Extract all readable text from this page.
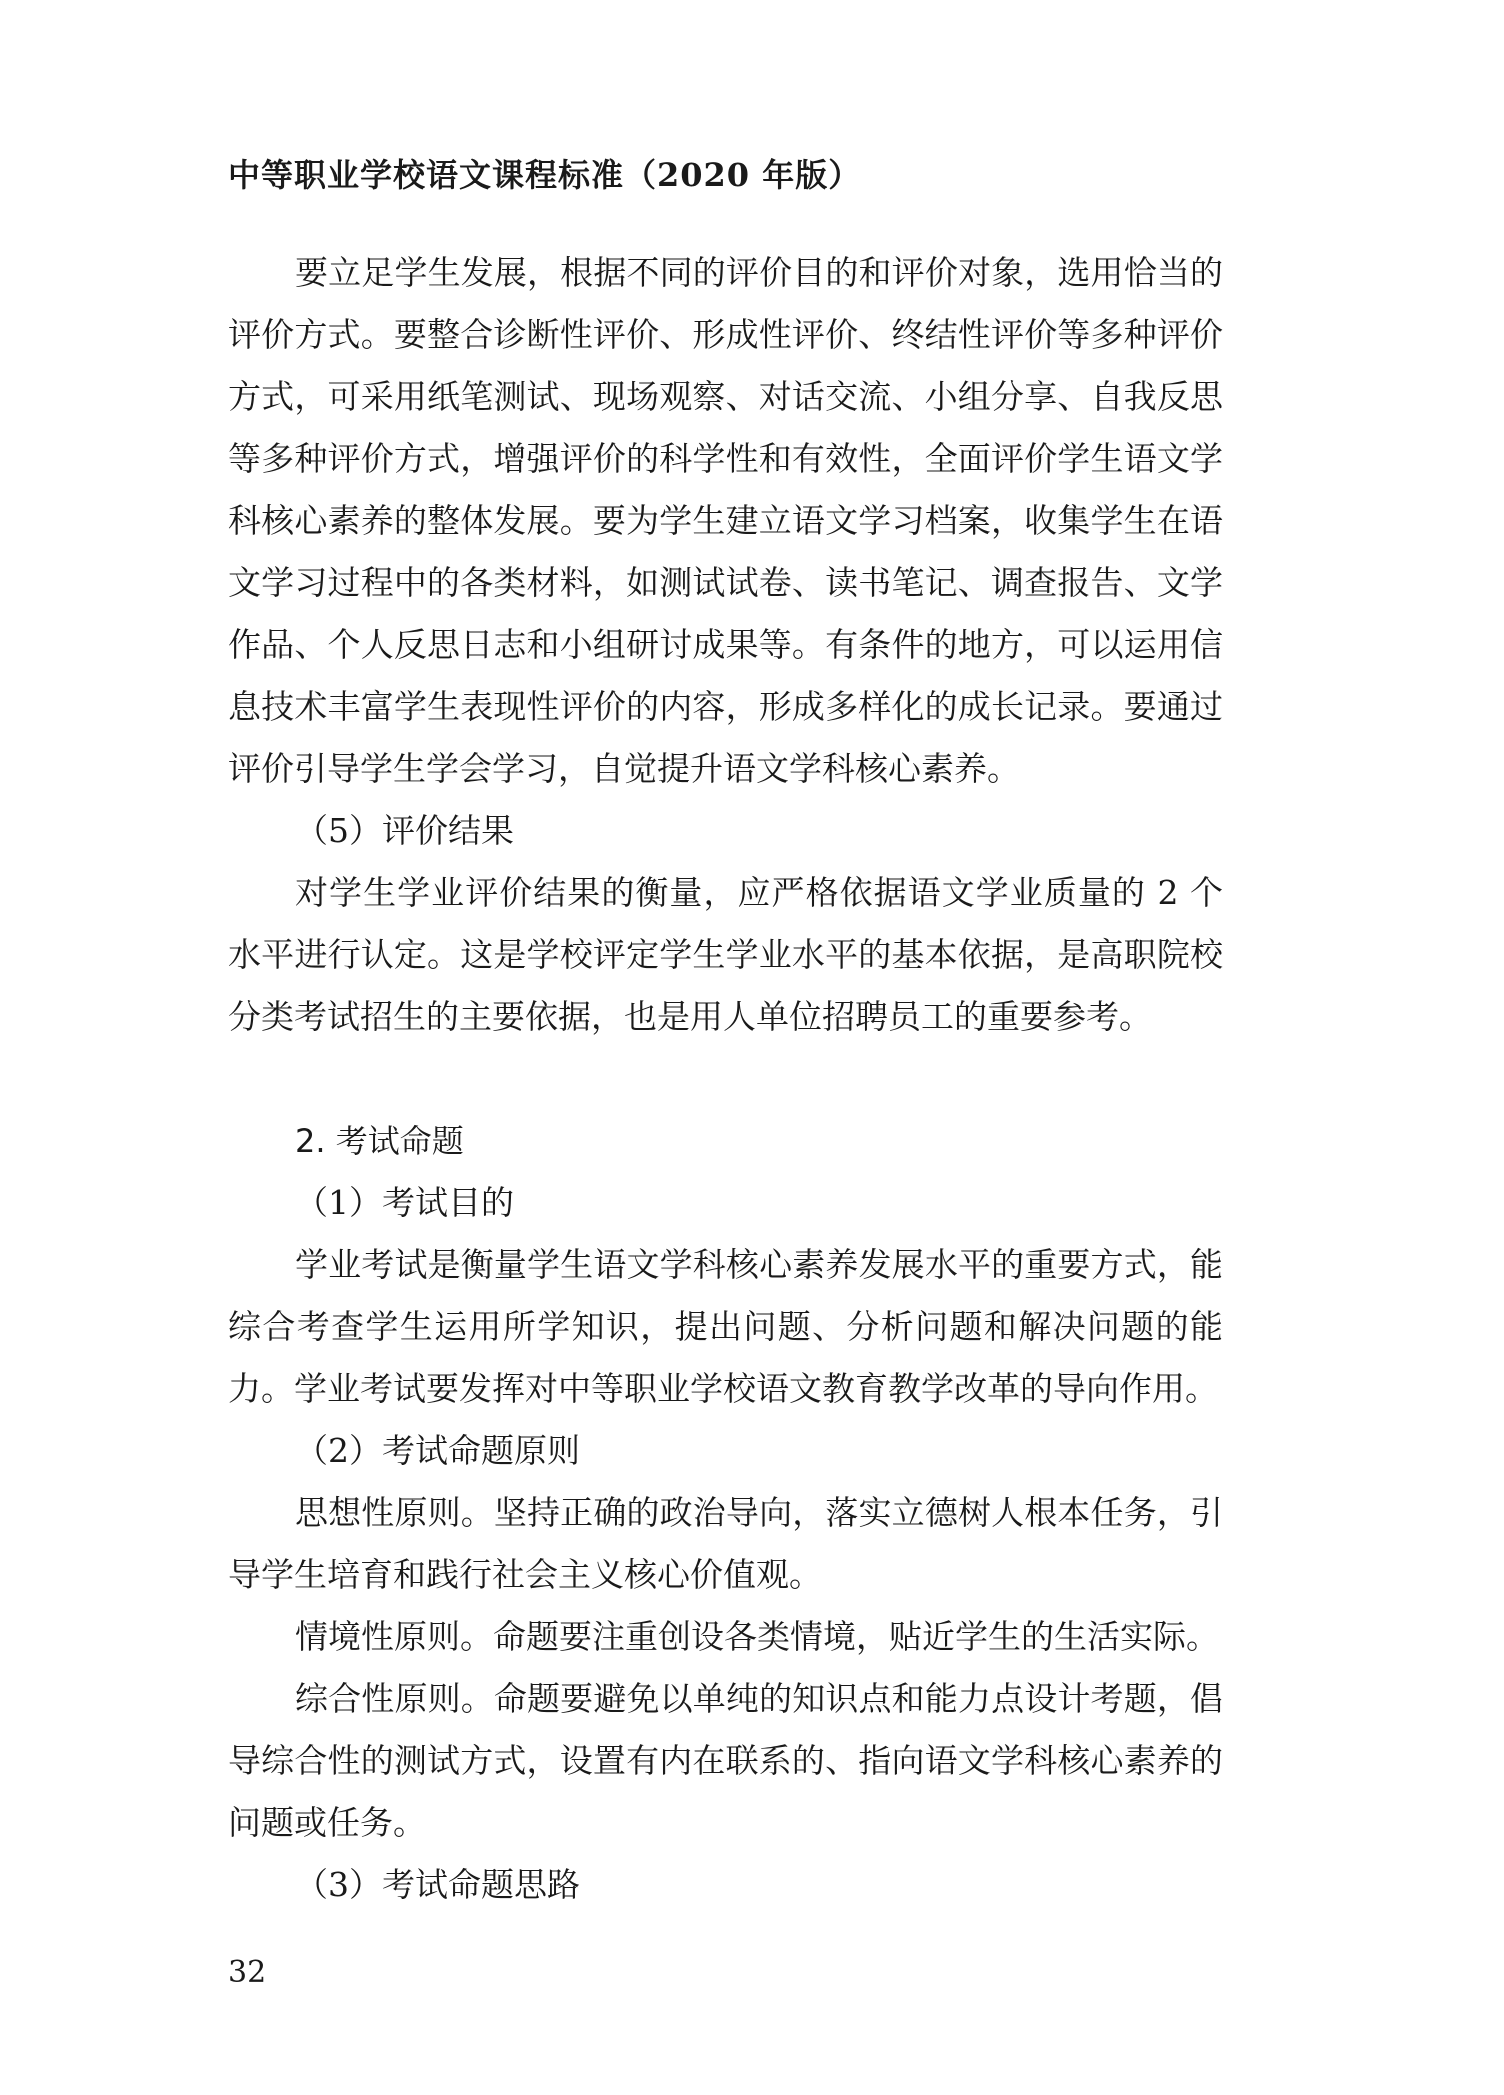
中等职业学校语文课程标准（2020 年版）

要立足学生发展，根据不同的评价目的和评价对象，选用恰当的评价方式。要整合诊断性评价、形成性评价、终结性评价等多种评价方式，可采用纸笔测试、现场观察、对话交流、小组分享、自我反思等多种评价方式，增强评价的科学性和有效性，全面评价学生语文学科核心素养的整体发展。要为学生建立语文学习档案，收集学生在语文学习过程中的各类材料，如测试试卷、读书笔记、调查报告、文学作品、个人反思日志和小组研讨成果等。有条件的地方，可以运用信息技术丰富学生表现性评价的内容，形成多样化的成长记录。要通过评价引导学生学会学习，自觉提升语文学科核心素养。

（5）评价结果

对学生学业评价结果的衡量，应严格依据语文学业质量的 2 个水平进行认定。这是学校评定学生学业水平的基本依据，是高职院校分类考试招生的主要依据，也是用人单位招聘员工的重要参考。

2. 考试命题

（1）考试目的

学业考试是衡量学生语文学科核心素养发展水平的重要方式，能综合考查学生运用所学知识，提出问题、分析问题和解决问题的能力。学业考试要发挥对中等职业学校语文教育教学改革的导向作用。

（2）考试命题原则

思想性原则。坚持正确的政治导向，落实立德树人根本任务，引导学生培育和践行社会主义核心价值观。

情境性原则。命题要注重创设各类情境，贴近学生的生活实际。

综合性原则。命题要避免以单纯的知识点和能力点设计考题，倡导综合性的测试方式，设置有内在联系的、指向语文学科核心素养的问题或任务。

（3）考试命题思路

32
